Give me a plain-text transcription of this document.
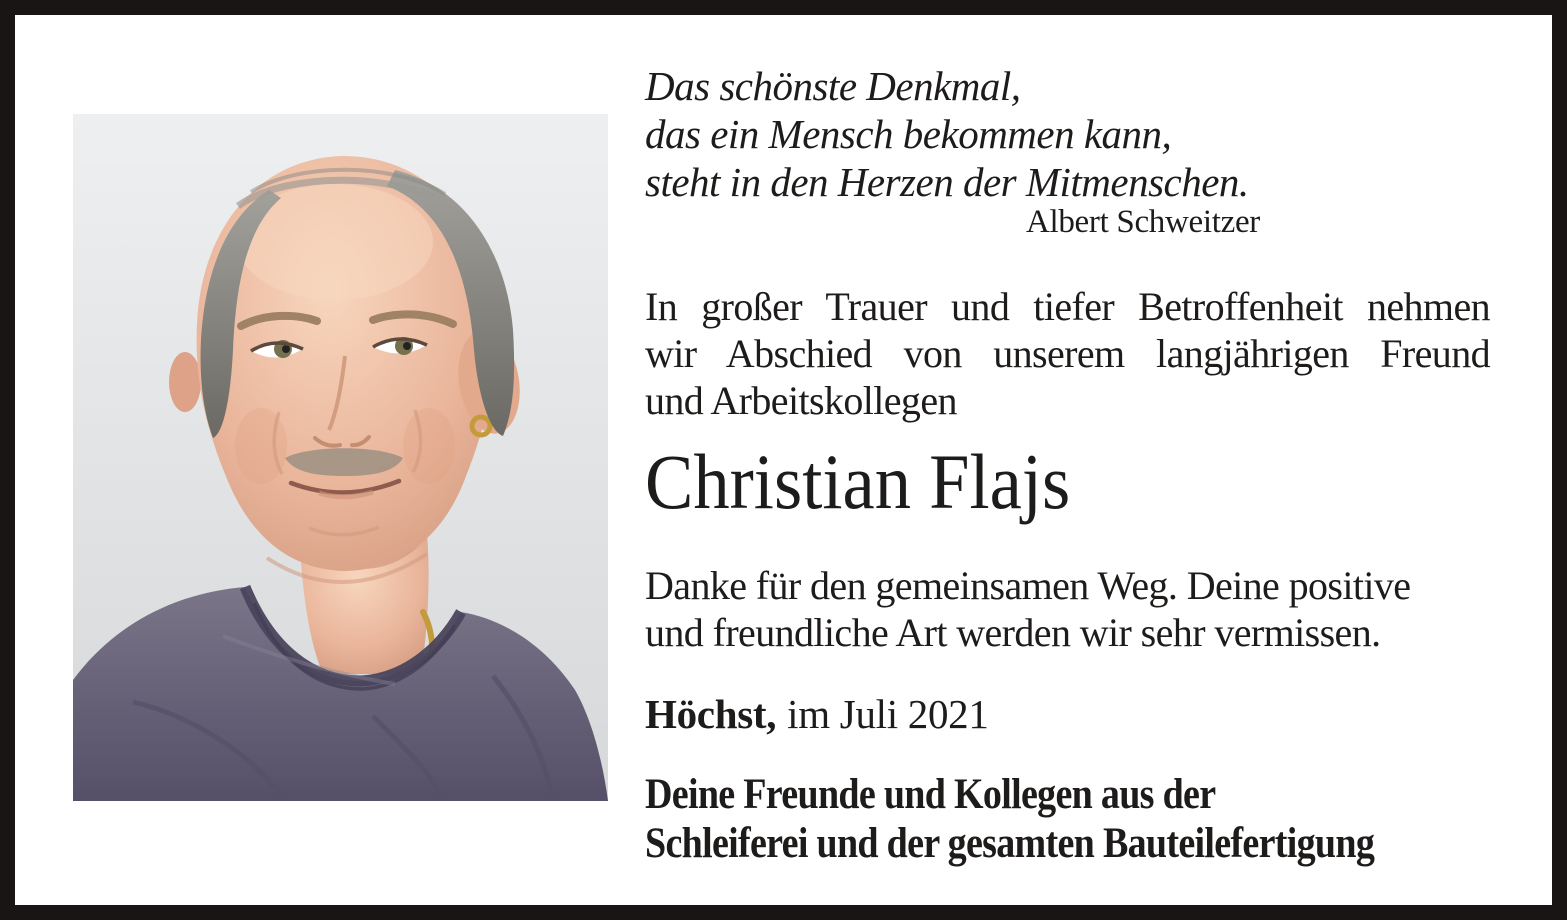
Das schönste Denkmal,
das ein Mensch bekommen kann,
steht in den Herzen der Mitmenschen.
Albert Schweitzer
In großer Trauer und tiefer Betroffenheit nehmen
wir Abschied von unserem langjährigen Freund
und Arbeitskollegen
Christian Flajs
Danke für den gemeinsamen Weg. Deine positive
und freundliche Art werden wir sehr vermissen.
Höchst, im Juli 2021
Deine Freunde und Kollegen aus der
Schleiferei und der gesamten Bauteilefertigung
